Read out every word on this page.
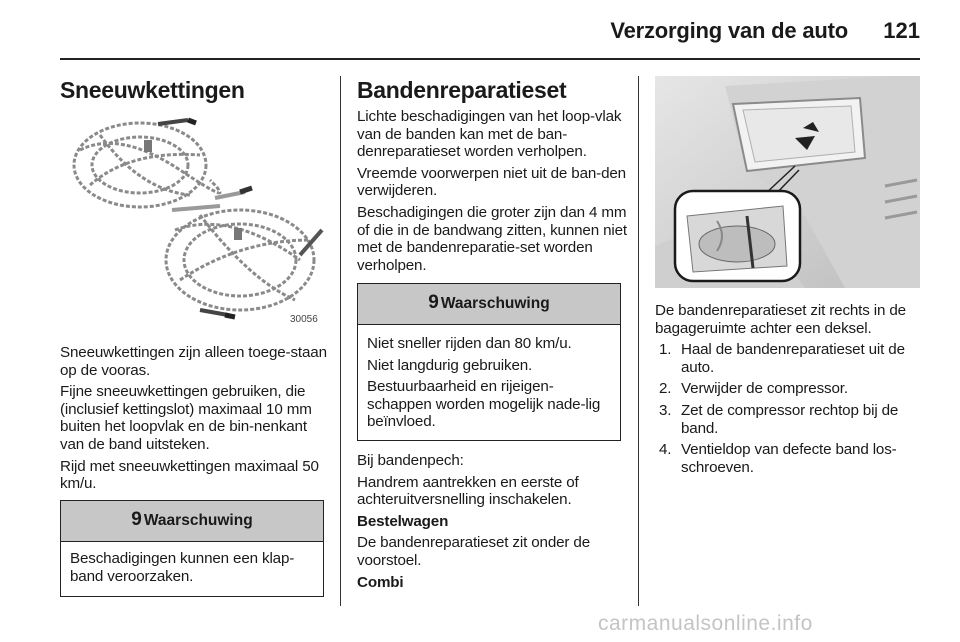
Verzorging van de auto	121
Sneeuwkettingen
30056

Sneeuwkettingen zijn alleen toege-staan op de vooras.

Fijne sneeuwkettingen gebruiken, die (inclusief kettingslot) maximaal 10 mm buiten het loopvlak en de bin-nenkant van de band uitsteken.

Rijd met sneeuwkettingen maximaal 50 km/u.

9 Waarschuwing

Beschadigingen kunnen een klap-band veroorzaken.

Bandenreparatieset

Lichte beschadigingen van het loop-vlak van de banden kan met de ban-denreparatieset worden verholpen.

Vreemde voorwerpen niet uit de ban-den verwijderen.

Beschadigingen die groter zijn dan 4 mm of die in de bandwang zitten, kunnen niet met de bandenreparatie-set worden verholpen.

9 Waarschuwing

Niet sneller rijden dan 80 km/u.

Niet langdurig gebruiken.

Bestuurbaarheid en rijeigen-schappen worden mogelijk nade-lig beïnvloed.

Bij bandenpech:

Handrem aantrekken en eerste of achteruitversnelling inschakelen.

Bestelwagen

De bandenreparatieset zit onder de voorstoel.

Combi

De bandenreparatieset zit rechts in de bagageruimte achter een deksel.

1. Haal de bandenreparatieset uit de auto.
2. Verwijder de compressor.
3. Zet de compressor rechtop bij de band.
4. Ventieldop van defecte band los-schroeven.
carmanualsonline.info
